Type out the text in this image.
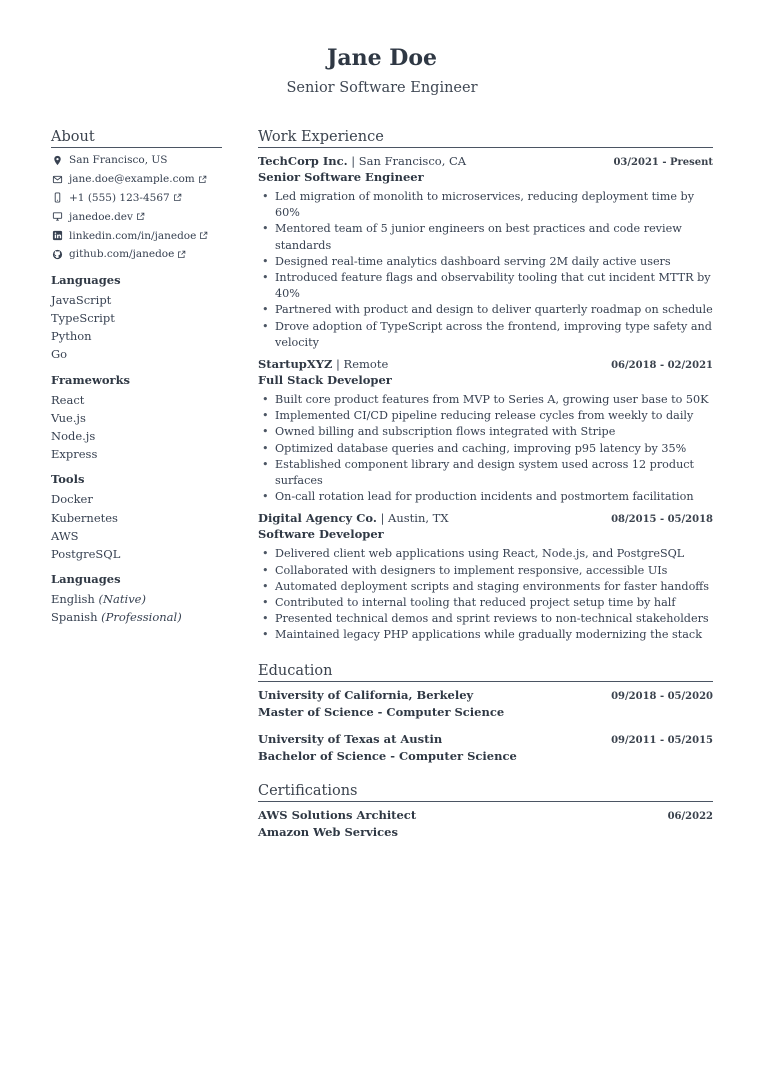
Jane Doe
Senior Software Engineer
About
San Francisco, US
jane.doe@example.com
+1 (555) 123-4567
janedoe.dev
linkedin.com/in/janedoe
github.com/janedoe
Languages
JavaScript
TypeScript
Python
Go
Frameworks
React
Vue.js
Node.js
Express
Tools
Docker
Kubernetes
AWS
PostgreSQL
Languages
English (Native)
Spanish (Professional)
Work Experience
TechCorp Inc. | San Francisco, CA	03/2021 - Present
Senior Software Engineer
• Led migration of monolith to microservices, reducing deployment time by 60%
• Mentored team of 5 junior engineers on best practices and code review standards
• Designed real-time analytics dashboard serving 2M daily active users
• Introduced feature flags and observability tooling that cut incident MTTR by 40%
• Partnered with product and design to deliver quarterly roadmap on schedule
• Drove adoption of TypeScript across the frontend, improving type safety and velocity
StartupXYZ | Remote	06/2018 - 02/2021
Full Stack Developer
• Built core product features from MVP to Series A, growing user base to 50K
• Implemented CI/CD pipeline reducing release cycles from weekly to daily
• Owned billing and subscription flows integrated with Stripe
• Optimized database queries and caching, improving p95 latency by 35%
• Established component library and design system used across 12 product surfaces
• On-call rotation lead for production incidents and postmortem facilitation
Digital Agency Co. | Austin, TX	08/2015 - 05/2018
Software Developer
• Delivered client web applications using React, Node.js, and PostgreSQL
• Collaborated with designers to implement responsive, accessible UIs
• Automated deployment scripts and staging environments for faster handoffs
• Contributed to internal tooling that reduced project setup time by half
• Presented technical demos and sprint reviews to non-technical stakeholders
• Maintained legacy PHP applications while gradually modernizing the stack
Education
University of California, Berkeley	09/2018 - 05/2020
Master of Science - Computer Science
University of Texas at Austin	09/2011 - 05/2015
Bachelor of Science - Computer Science
Certifications
AWS Solutions Architect	06/2022
Amazon Web Services
